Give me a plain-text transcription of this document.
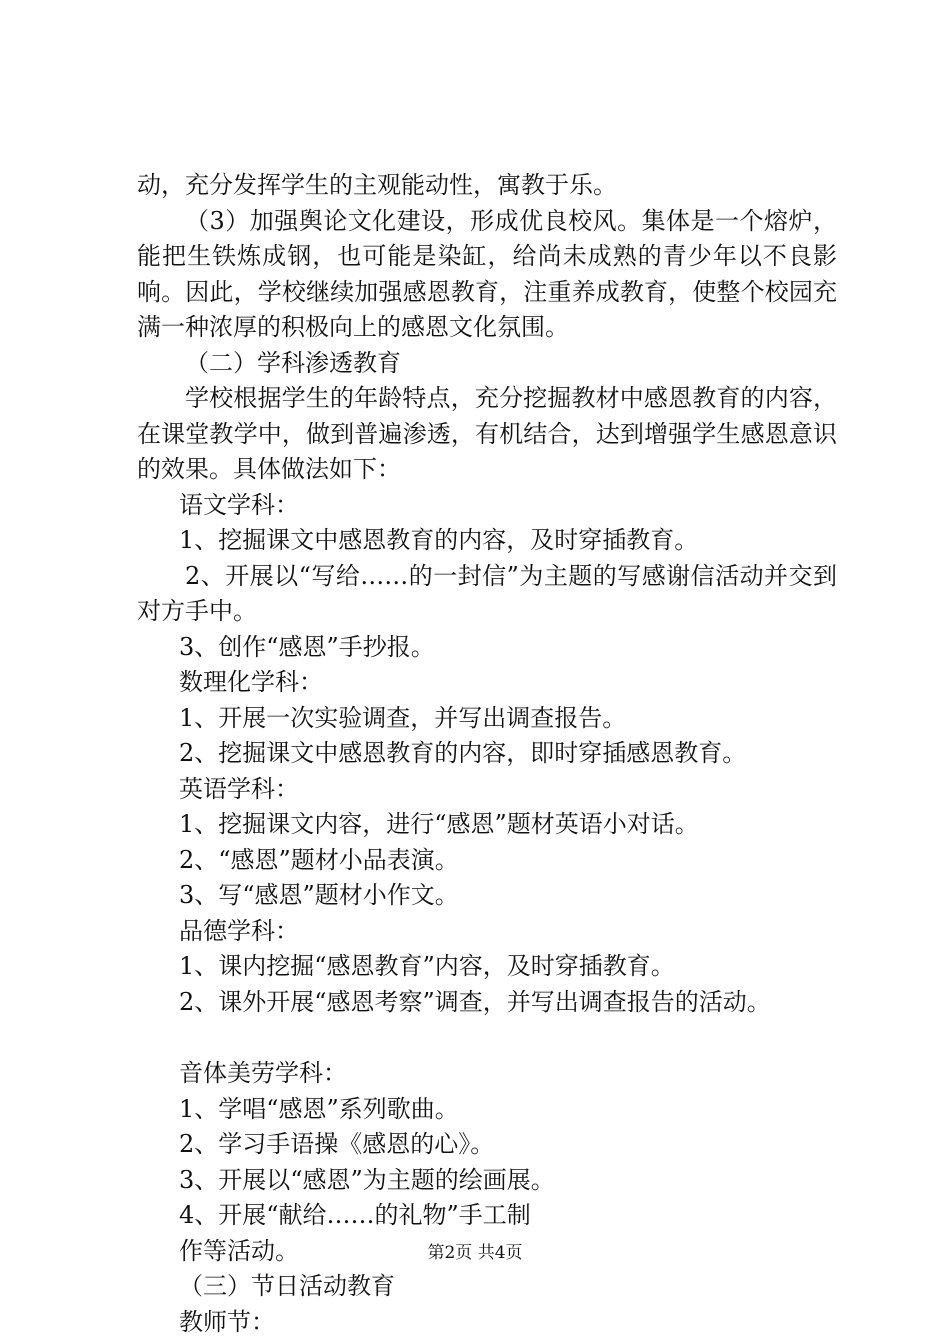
动，充分发挥学生的主观能动性，寓教于乐。

（3）加强舆论文化建设，形成优良校风。集体是一个熔炉，能把生铁炼成钢，也可能是染缸，给尚未成熟的青少年以不良影响。因此，学校继续加强感恩教育，注重养成教育，使整个校园充满一种浓厚的积极向上的感恩文化氛围。

（二）学科渗透教育

学校根据学生的年龄特点，充分挖掘教材中感恩教育的内容，在课堂教学中，做到普遍渗透，有机结合，达到增强学生感恩意识的效果。具体做法如下：

语文学科：

1、挖掘课文中感恩教育的内容，及时穿插教育。

2、开展以“写给……的一封信”为主题的写感谢信活动并交到对方手中。

3、创作“感恩”手抄报。

数理化学科：

1、开展一次实验调查，并写出调查报告。

2、挖掘课文中感恩教育的内容，即时穿插感恩教育。

英语学科：

1、挖掘课文内容，进行“感恩”题材英语小对话。

2、“感恩”题材小品表演。

3、写“感恩”题材小作文。

品德学科：

1、课内挖掘“感恩教育”内容，及时穿插教育。

2、课外开展“感恩考察”调查，并写出调查报告的活动。

音体美劳学科：

1、学唱“感恩”系列歌曲。

2、学习手语操《感恩的心》。

3、开展以“感恩”为主题的绘画展。

4、开展“献给……的礼物”手工制

作等活动。

（三）节日活动教育

教师节：

第2页 共4页
